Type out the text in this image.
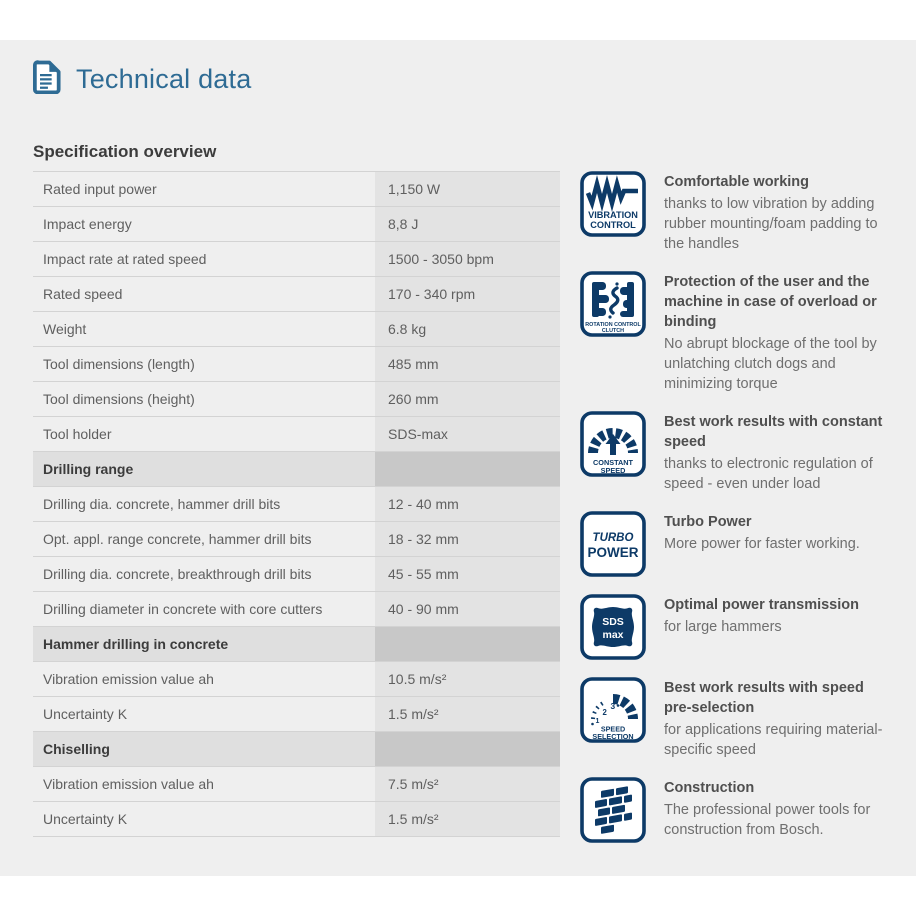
Technical data
Specification overview
Rated input power	1,150 W
Impact energy	8,8 J
Impact rate at rated speed	1500 - 3050 bpm
Rated speed	170 - 340 rpm
Weight	6.8 kg
Tool dimensions (length)	485 mm
Tool dimensions (height)	260 mm
Tool holder	SDS-max
Drilling range
Drilling dia. concrete, hammer drill bits	12 - 40 mm
Opt. appl. range concrete, hammer drill bits	18 - 32 mm
Drilling dia. concrete, breakthrough drill bits	45 - 55 mm
Drilling diameter in concrete with core cutters	40 - 90 mm
Hammer drilling in concrete
Vibration emission value ah	10.5 m/s²
Uncertainty K	1.5 m/s²
Chiselling
Vibration emission value ah	7.5 m/s²
Uncertainty K	1.5 m/s²
VIBRATION
CONTROL
Comfortable working
thanks to low vibration by adding rubber mounting/foam padding to the handles
ROTATION CONTROL
CLUTCH
Protection of the user and the machine in case of overload or binding
No abrupt blockage of the tool by unlatching clutch dogs and minimizing torque
CONSTANT
SPEED
Best work results with constant speed
thanks to electronic regulation of speed - even under load
TURBO
POWER
Turbo Power
More power for faster working.
SDS
max
Optimal power transmission
for large hammers
1
2
3
SPEED
SELECTION
Best work results with speed pre-selection
for applications requiring material-specific speed
Construction
The professional power tools for construction from Bosch.
